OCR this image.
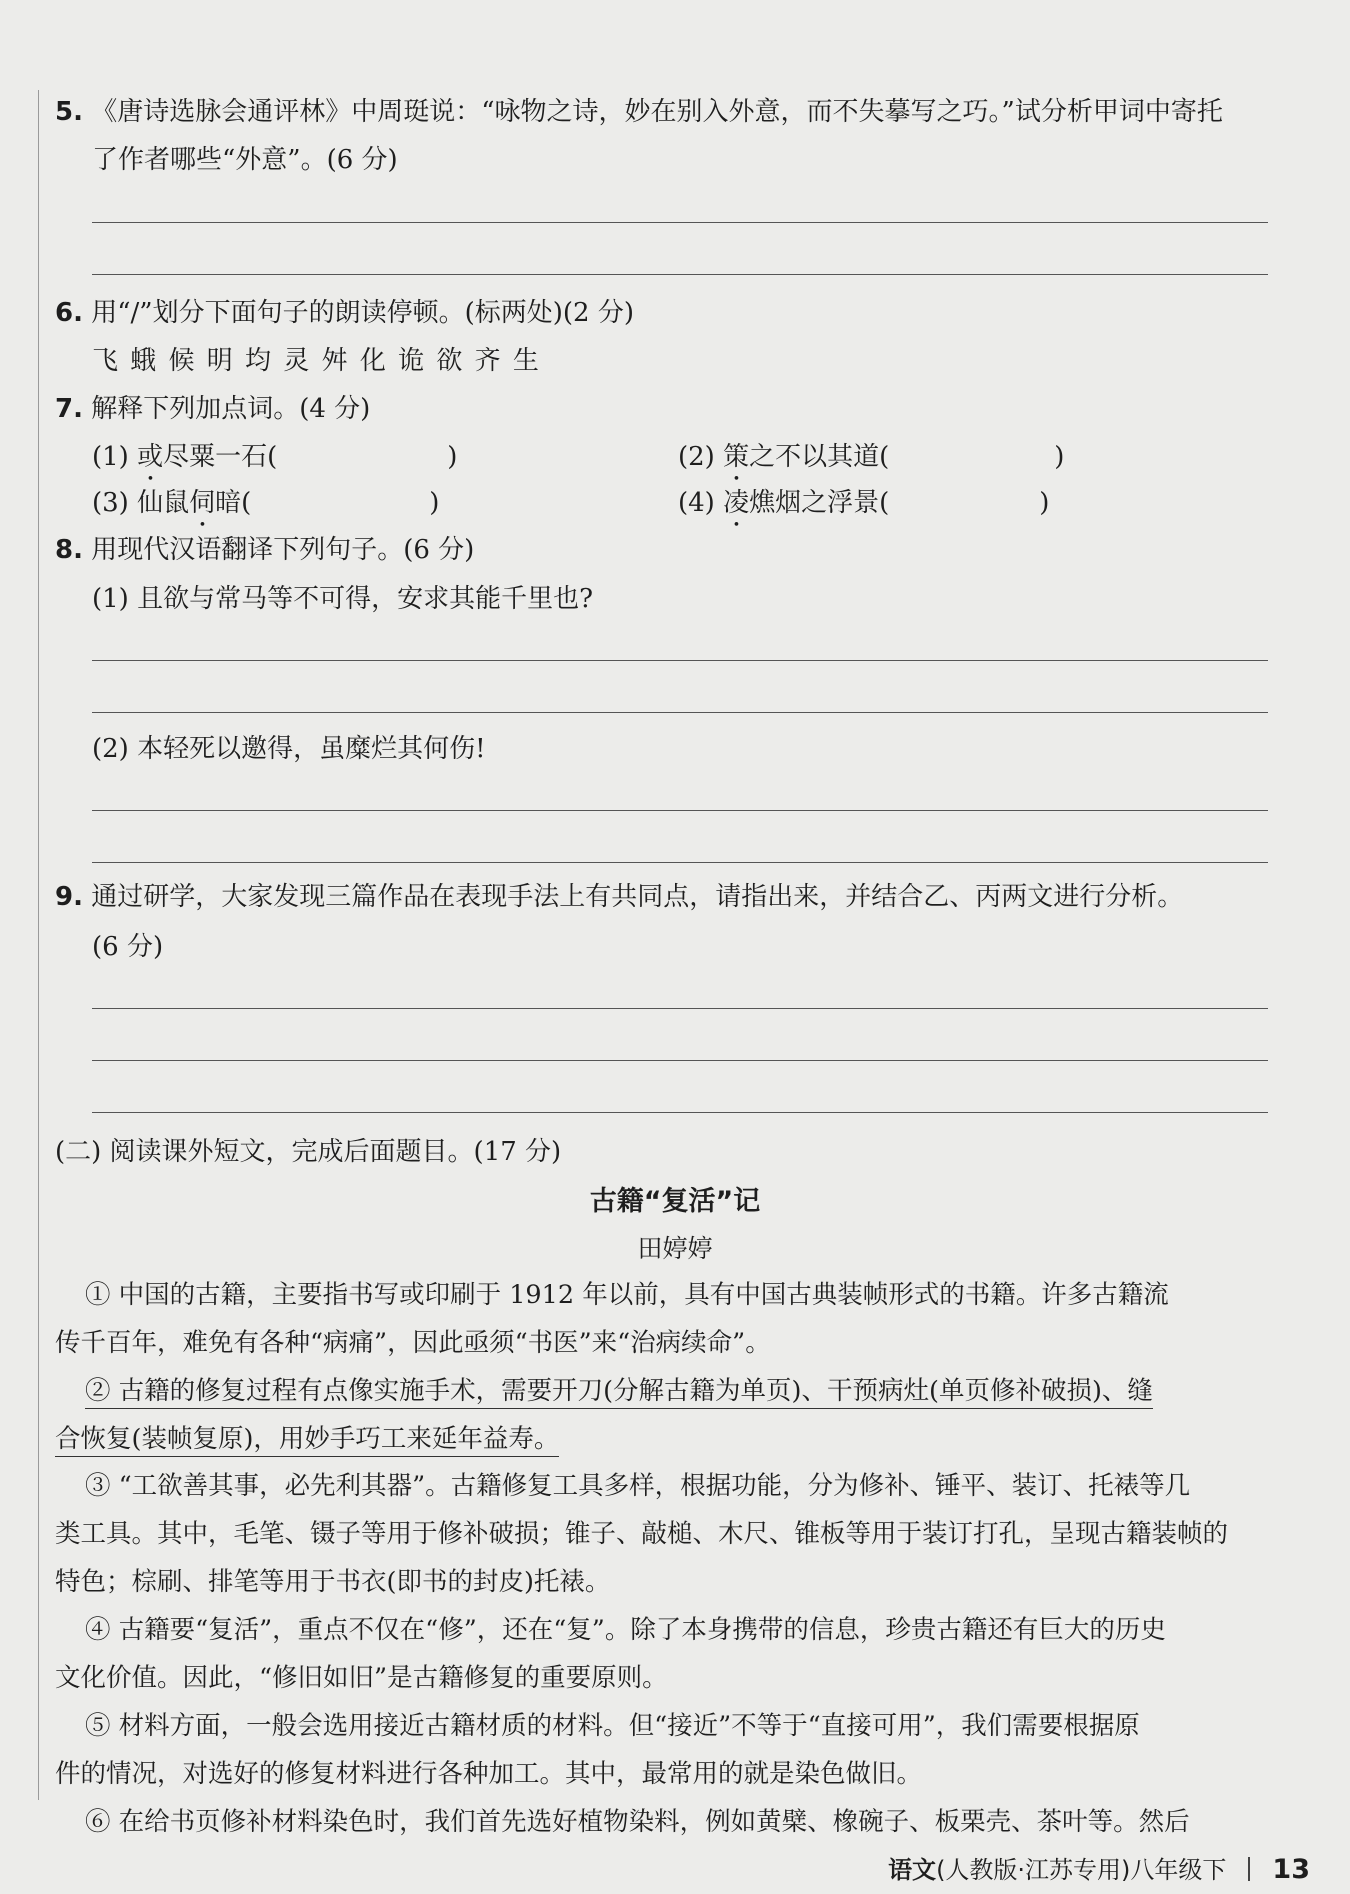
5. 《唐诗选脉会通评林》中周珽说：“咏物之诗，妙在别入外意，而不失摹写之巧。”试分析甲词中寄托
了作者哪些“外意”。(6 分)
6. 用“/”划分下面句子的朗读停顿。(标两处)(2 分)
飞 蛾 候 明 均 灵 舛 化 诡 欲 齐 生
7. 解释下列加点词。(4 分)
(1) 或尽粟一石(	)	(2) 策之不以其道(	)
(3) 仙鼠伺暗(	)	(4) 凌燋烟之浮景(	)
8. 用现代汉语翻译下列句子。(6 分)
(1) 且欲与常马等不可得，安求其能千里也?
(2) 本轻死以邀得，虽糜烂其何伤!
9. 通过研学，大家发现三篇作品在表现手法上有共同点，请指出来，并结合乙、丙两文进行分析。
(6 分)
(二) 阅读课外短文，完成后面题目。(17 分)
古籍“复活”记
田婷婷
① 中国的古籍，主要指书写或印刷于 1912 年以前，具有中国古典装帧形式的书籍。许多古籍流
传千百年，难免有各种“病痛”，因此亟须“书医”来“治病续命”。
② 古籍的修复过程有点像实施手术，需要开刀(分解古籍为单页)、干预病灶(单页修补破损)、缝
合恢复(装帧复原)，用妙手巧工来延年益寿。
③ “工欲善其事，必先利其器”。古籍修复工具多样，根据功能，分为修补、锤平、装订、托裱等几
类工具。其中，毛笔、镊子等用于修补破损；锥子、敲槌、木尺、锥板等用于装订打孔，呈现古籍装帧的
特色；棕刷、排笔等用于书衣(即书的封皮)托裱。
④ 古籍要“复活”，重点不仅在“修”，还在“复”。除了本身携带的信息，珍贵古籍还有巨大的历史
文化价值。因此，“修旧如旧”是古籍修复的重要原则。
⑤ 材料方面，一般会选用接近古籍材质的材料。但“接近”不等于“直接可用”，我们需要根据原
件的情况，对选好的修复材料进行各种加工。其中，最常用的就是染色做旧。
⑥ 在给书页修补材料染色时，我们首先选好植物染料，例如黄檗、橡碗子、板栗壳、茶叶等。然后
语文(人教版·江苏专用)八年级下 13
